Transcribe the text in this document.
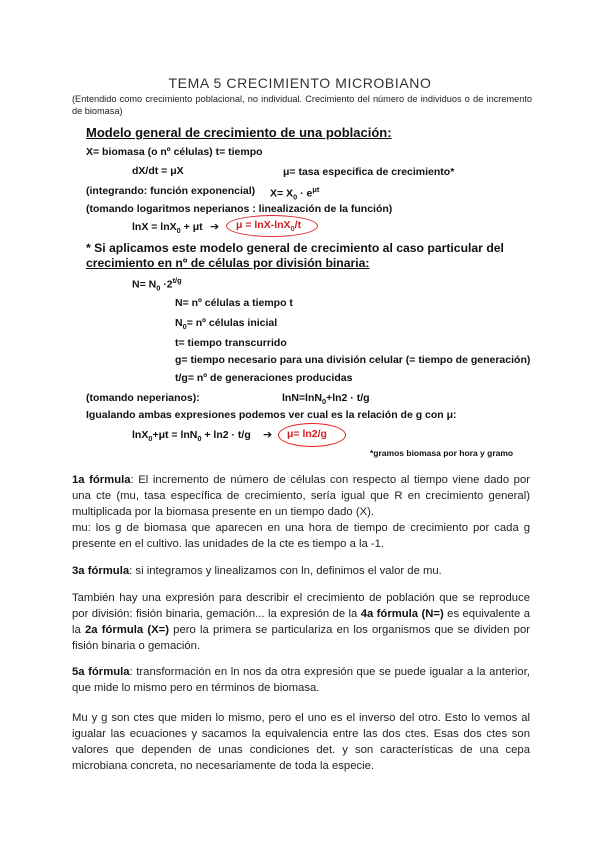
TEMA 5 CRECIMIENTO MICROBIANO
(Entendido como crecimiento poblacional, no individual. Crecimiento del número de individuos o de incremento de biomasa)
Modelo general de crecimiento de una población:
X= biomasa (o nº células) t= tiempo
dX/dt = μX	μ= tasa especifica de crecimiento*
(integrando: función exponencial) $X= X_0 \cdot e^{\mu t}$
(tomando logaritmos neperianos : linealización de la función)
lnX = lnX$_0$ + μt ➔ μ = lnX-lnX$_0$/t
* Si aplicamos este modelo general de crecimiento al caso particular del
crecimiento en nº de células por división binaria:
$N= N_0 \cdot 2^{t/g}$
N= nº células a tiempo t
$N_0=$ nº células inicial
t= tiempo transcurrido
g= tiempo necesario para una división celular (= tiempo de generación)
t/g= nº de generaciones producidas
(tomando neperianos):	lnN=lnN$_0$+ln2 · t/g
Igualando ambas expresiones podemos ver cual es la relación de g con μ:
lnX$_0$+μt = lnN$_0$ + ln2 · t/g ➔ μ= ln2/g
*gramos biomasa por hora y gramo
1a fórmula: El incremento de número de células con respecto al tiempo viene dado por una cte (mu, tasa específica de crecimiento, sería igual que R en crecimiento general) multiplicada por la biomasa presente en un tiempo dado (X).
mu: los g de biomasa que aparecen en una hora de tiempo de crecimiento por cada g presente en el cultivo. las unidades de la cte es tiempo a la -1.
3a fórmula: si integramos y linealizamos con ln, definimos el valor de mu.
También hay una expresión para describir el crecimiento de población que se reproduce por división: fisión binaria, gemación... la expresión de la 4a fórmula (N=) es equivalente a la 2a fórmula (X=) pero la primera se particulariza en los organismos que se dividen por fisión binaria o gemación.
5a fórmula: transformación en ln nos da otra expresión que se puede igualar a la anterior, que mide lo mismo pero en términos de biomasa.
Mu y g son ctes que miden lo mismo, pero el uno es el inverso del otro. Esto lo vemos al igualar las ecuaciones y sacamos la equivalencia entre las dos ctes. Esas dos ctes son valores que dependen de unas condiciones det. y son características de una cepa microbiana concreta, no necesariamente de toda la especie.
